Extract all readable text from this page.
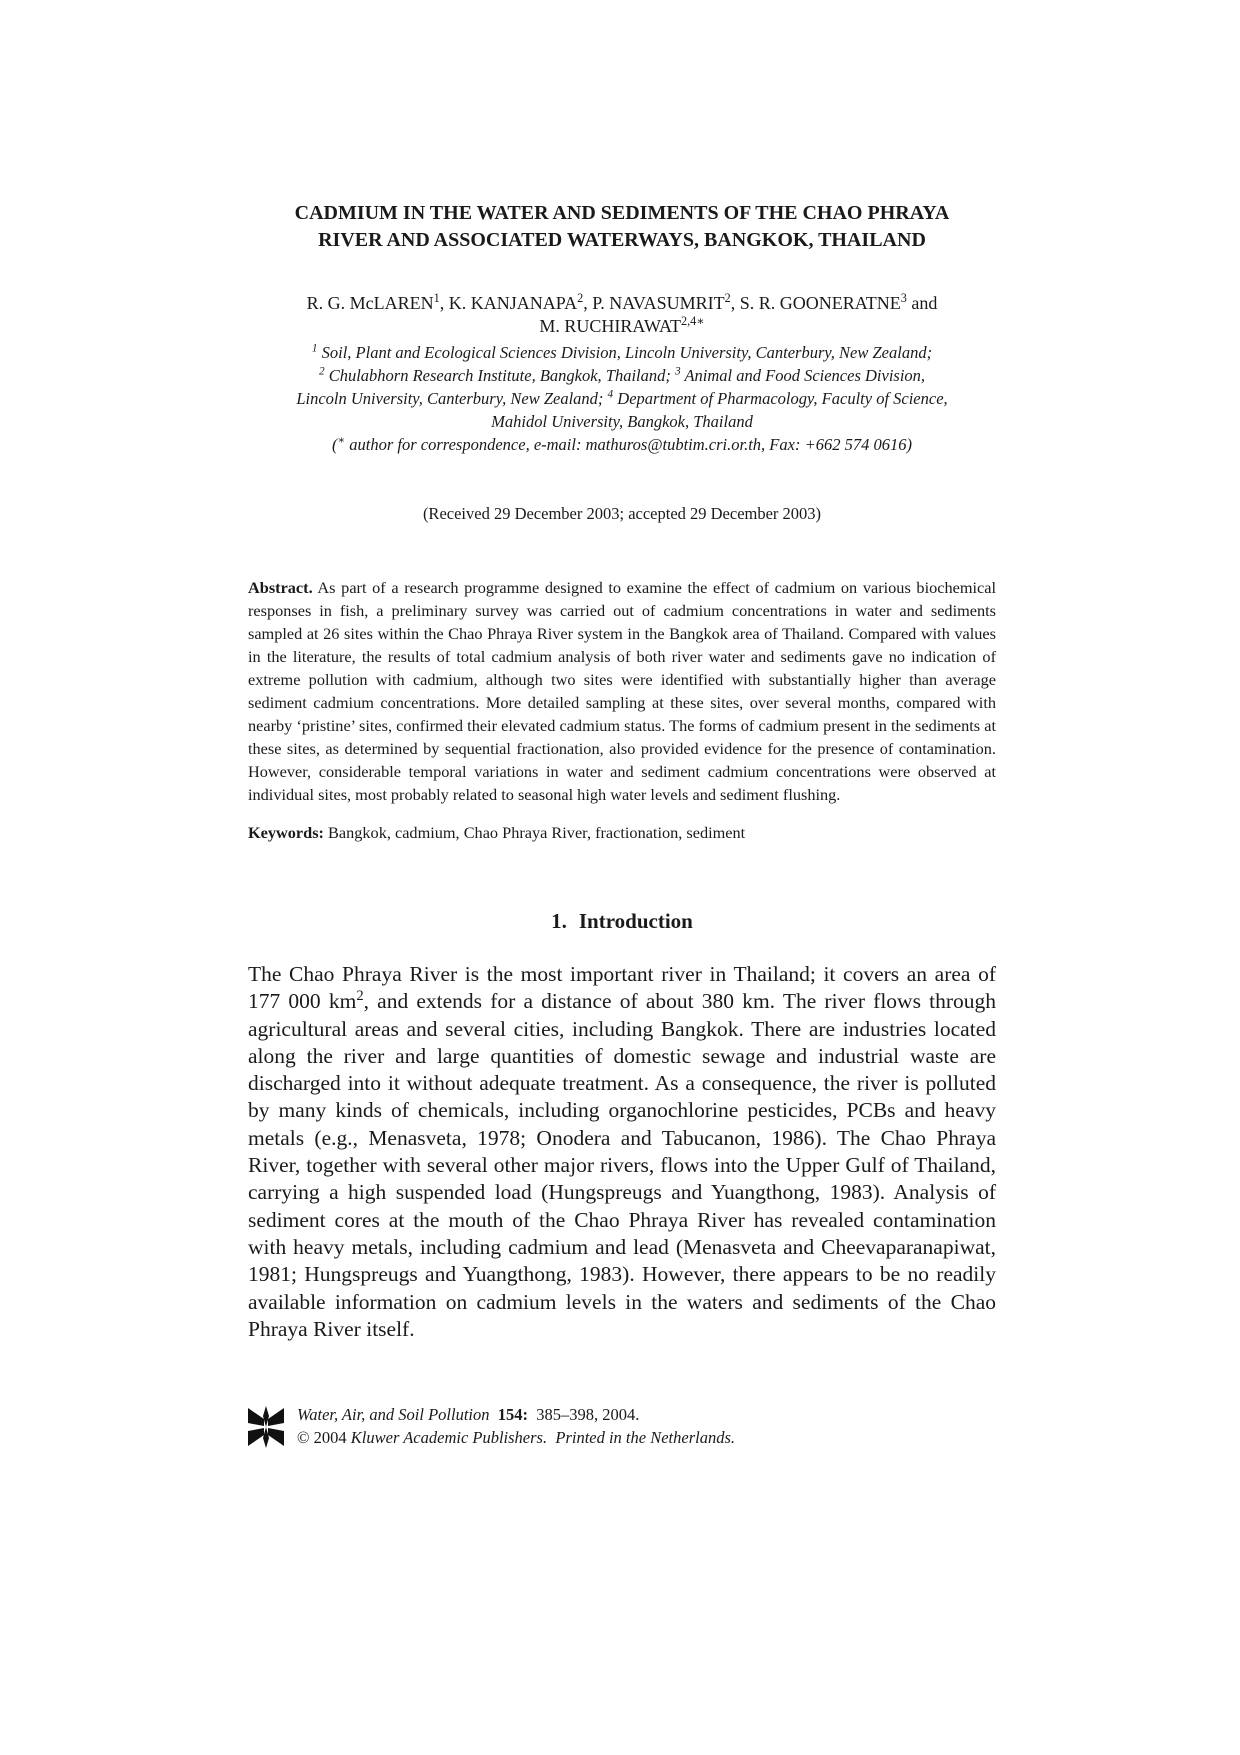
CADMIUM IN THE WATER AND SEDIMENTS OF THE CHAO PHRAYA
RIVER AND ASSOCIATED WATERWAYS, BANGKOK, THAILAND
R. G. McLAREN$^1$, K. KANJANAPA$^2$, P. NAVASUMRIT$^2$, S. R. GOONERATNE$^3$ and
M. $RUCHIRAWAT^{2,4∗}$
$^1$ Soil, Plant and Ecological Sciences Division, Lincoln University, Canterbury, New Zealand;
$^2$ Chulabhorn Research Institute, Bangkok, Thailand; $^3$ Animal and Food Sciences Division,
Lincoln University, Canterbury, New Zealand; $^4$ Department of Pharmacology, Faculty of Science,
Mahidol University, Bangkok, Thailand
(∗ author for correspondence, e-mail: mathuros@tubtim.cri.or.th, Fax: +662 574 0616)
(Received 29 December 2003; accepted 29 December 2003)
Abstract. As part of a research programme designed to examine the effect of cadmium on various biochemical responses in fish, a preliminary survey was carried out of cadmium concentrations in water and sediments sampled at 26 sites within the Chao Phraya River system in the Bangkok area of Thailand. Compared with values in the literature, the results of total cadmium analysis of both river water and sediments gave no indication of extreme pollution with cadmium, although two sites were identified with substantially higher than average sediment cadmium concentrations. More detailed sampling at these sites, over several months, compared with nearby ‘pristine’ sites, confirmed their elevated cadmium status. The forms of cadmium present in the sediments at these sites, as determined by sequential fractionation, also provided evidence for the presence of contamination. However, considerable temporal variations in water and sediment cadmium concentrations were observed at individual sites, most probably related to seasonal high water levels and sediment flushing.
Keywords: Bangkok, cadmium, Chao Phraya River, fractionation, sediment
1. Introduction
The Chao Phraya River is the most important river in Thailand; it covers an area of 177 000 $km^2$, and extends for a distance of about 380 km. The river flows through agricultural areas and several cities, including Bangkok. There are industries located along the river and large quantities of domestic sewage and industrial waste are discharged into it without adequate treatment. As a consequence, the river is polluted by many kinds of chemicals, including organochlorine pesticides, PCBs and heavy metals (e.g., Menasveta, 1978; Onodera and Tabucanon, 1986). The Chao Phraya River, together with several other major rivers, flows into the Upper Gulf of Thailand, carrying a high suspended load (Hungspreugs and Yuangthong, 1983). Analysis of sediment cores at the mouth of the Chao Phraya River has revealed contamination with heavy metals, including cadmium and lead (Menasveta and Cheevaparanapiwat, 1981; Hungspreugs and Yuangthong, 1983). However, there appears to be no readily available information on cadmium levels in the waters and sediments of the Chao Phraya River itself.
Water, Air, and Soil Pollution 154: 385–398, 2004.
© 2004 Kluwer Academic Publishers. Printed in the Netherlands.
